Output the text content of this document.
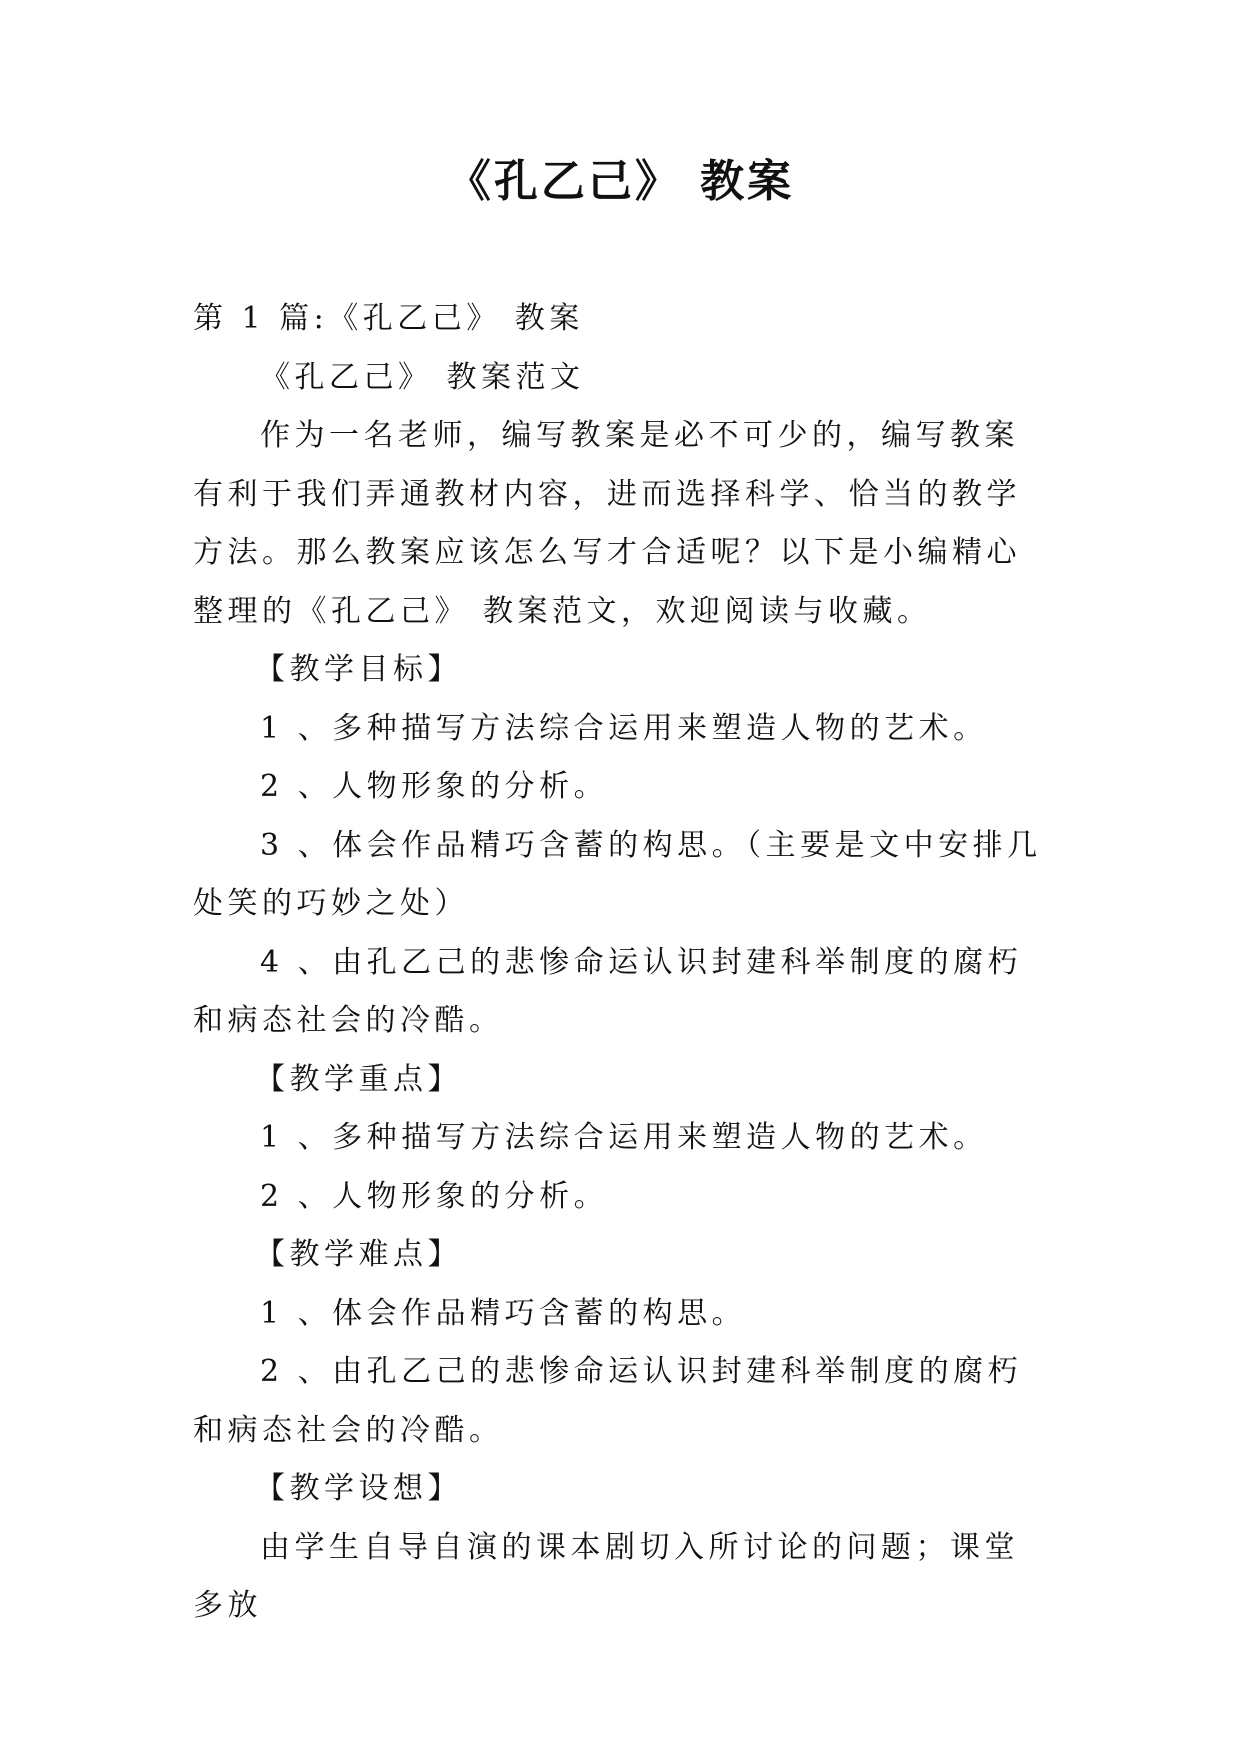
《孔乙己》 教案

第 1 篇:《孔乙己》 教案

《孔乙己》 教案范文

作为一名老师，编写教案是必不可少的，编写教案有利于我们弄通教材内容，进而选择科学、恰当的教学方法。那么教案应该怎么写才合适呢？以下是小编精心整理的《孔乙己》 教案范文，欢迎阅读与收藏。

【教学目标】

1 、多种描写方法综合运用来塑造人物的艺术。

2 、人物形象的分析。

3 、体会作品精巧含蓄的构思。（主要是文中安排几处笑的巧妙之处）

4 、由孔乙己的悲惨命运认识封建科举制度的腐朽和病态社会的冷酷。

【教学重点】

1 、多种描写方法综合运用来塑造人物的艺术。

2 、人物形象的分析。

【教学难点】

1 、体会作品精巧含蓄的构思。

2 、由孔乙己的悲惨命运认识封建科举制度的腐朽和病态社会的冷酷。

【教学设想】

由学生自导自演的课本剧切入所讨论的问题；课堂多放
